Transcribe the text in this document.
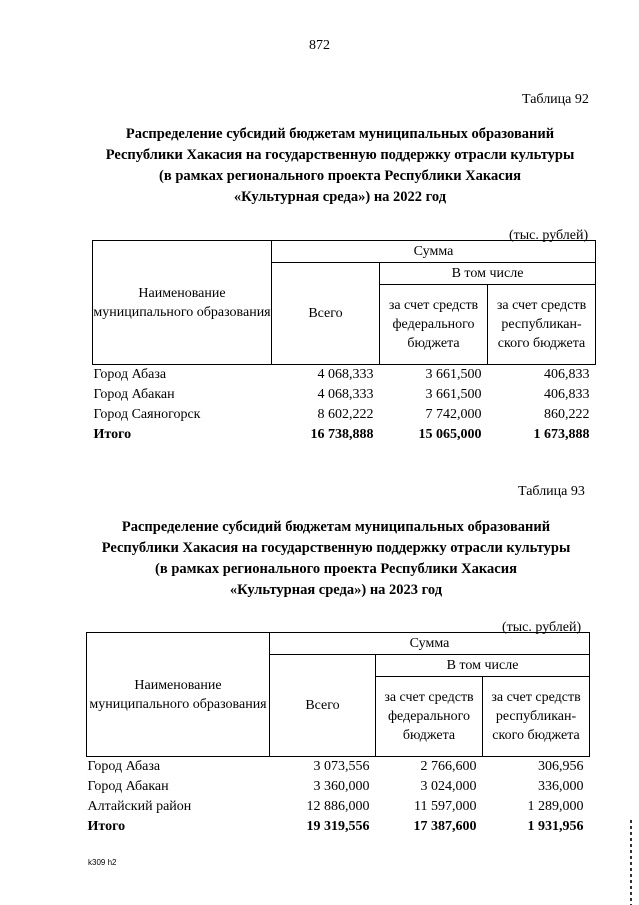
872
Таблица 92
Распределение субсидий бюджетам муниципальных образований
Республики Хакасия на государственную поддержку отрасли культуры
(в рамках регионального проекта Республики Хакасия
«Культурная среда») на 2022 год
(тыс. рублей)
Наименование муниципального образования	Сумма		
	Всего	В том числе	
		за счет средств федерального бюджета	за счет средств республикан-ского бюджета
Город Абаза	4 068,333	3 661,500	406,833
Город Абакан	4 068,333	3 661,500	406,833
Город Саяногорск	8 602,222	7 742,000	860,222
Итого	16 738,888	15 065,000	1 673,888
Таблица 93
Распределение субсидий бюджетам муниципальных образований
Республики Хакасия на государственную поддержку отрасли культуры
(в рамках регионального проекта Республики Хакасия
«Культурная среда») на 2023 год
(тыс. рублей)
Наименование муниципального образования	Сумма		
	Всего	В том числе	
		за счет средств федерального бюджета	за счет средств республикан-ского бюджета
Город Абаза	3 073,556	2 766,600	306,956
Город Абакан	3 360,000	3 024,000	336,000
Алтайский район	12 886,000	11 597,000	1 289,000
Итого	19 319,556	17 387,600	1 931,956
k309 h2
